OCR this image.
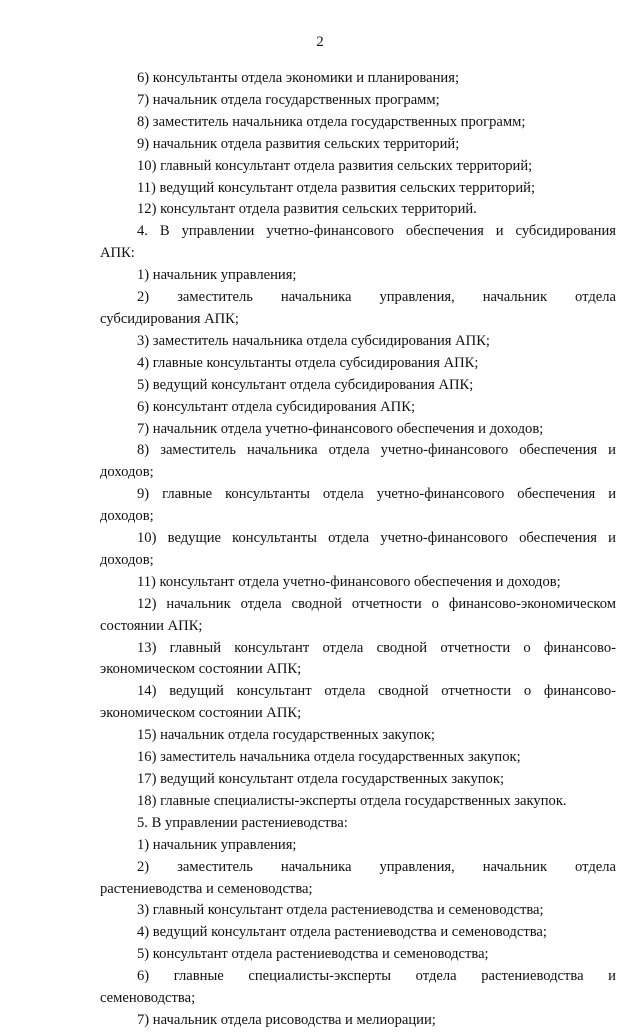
2
6) консультанты отдела экономики и планирования;
7) начальник отдела государственных программ;
8) заместитель начальника отдела государственных программ;
9) начальник отдела развития сельских территорий;
10) главный консультант отдела развития сельских территорий;
11) ведущий консультант отдела развития сельских территорий;
12) консультант отдела развития сельских территорий.
4. В управлении учетно-финансового обеспечения и субсидирования
АПК:
1) начальник управления;
2) заместитель начальника управления, начальник отдела
субсидирования АПК;
3) заместитель начальника отдела субсидирования АПК;
4) главные консультанты отдела субсидирования АПК;
5) ведущий консультант отдела субсидирования АПК;
6) консультант отдела субсидирования АПК;
7) начальник отдела учетно-финансового обеспечения и доходов;
8) заместитель начальника отдела учетно-финансового обеспечения и
доходов;
9) главные консультанты отдела учетно-финансового обеспечения и
доходов;
10) ведущие консультанты отдела учетно-финансового обеспечения и
доходов;
11) консультант отдела учетно-финансового обеспечения и доходов;
12) начальник отдела сводной отчетности о финансово-экономическом
состоянии АПК;
13) главный консультант отдела сводной отчетности о финансово-
экономическом состоянии АПК;
14) ведущий консультант отдела сводной отчетности о финансово-
экономическом состоянии АПК;
15) начальник отдела государственных закупок;
16) заместитель начальника отдела государственных закупок;
17) ведущий консультант отдела государственных закупок;
18) главные специалисты-эксперты отдела государственных закупок.
5. В управлении растениеводства:
1) начальник управления;
2) заместитель начальника управления, начальник отдела
растениеводства и семеноводства;
3) главный консультант отдела растениеводства и семеноводства;
4) ведущий консультант отдела растениеводства и семеноводства;
5) консультант отдела растениеводства и семеноводства;
6) главные специалисты-эксперты отдела растениеводства и
семеноводства;
7) начальник отдела рисоводства и мелиорации;
